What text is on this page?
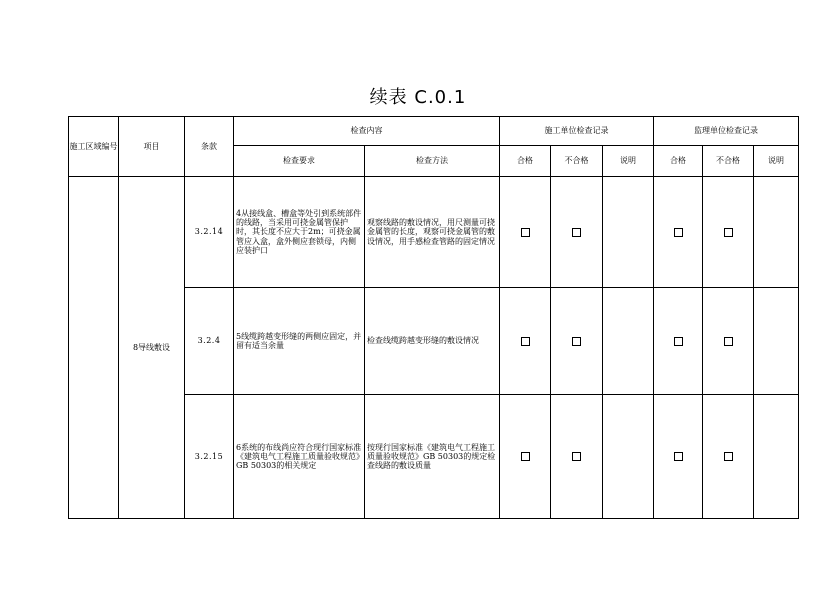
续表 C.0.1
施工区域编号	项目	条款	检查内容		施工单位检查记录			监理单位检查记录		
			检查要求	检查方法	合格	不合格	说明	合格	不合格	说明
	8导线敷设	3.2.14	4从接线盒、槽盒等处引到系统部件的线路，当采用可挠金属管保护时，其长度不应大于2m；可挠金属管应入盒，盒外侧应套锁母，内侧应装护口	观察线路的敷设情况，用尺测量可挠金属管的长度，观察可挠金属管的敷设情况，用手感检查管路的固定情况						
		3.2.4	5线缆跨越变形缝的两侧应固定，并留有适当余量	检查线缆跨越变形缝的敷设情况						
		3.2.15	6系统的布线尚应符合现行国家标准《建筑电气工程施工质量验收规范》GB 50303的相关规定	按现行国家标准《建筑电气工程施工质量验收规范》GB 50303的规定检查线路的敷设质量						
